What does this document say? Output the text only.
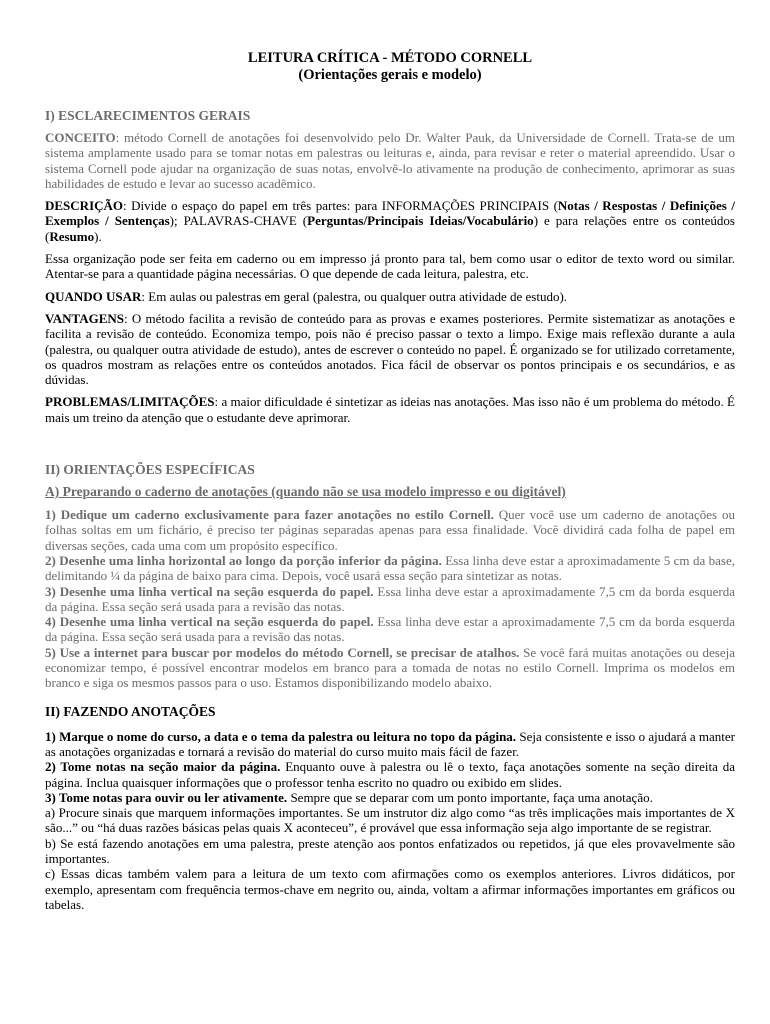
LEITURA CRÍTICA - MÉTODO CORNELL

(Orientações gerais e modelo)

I) ESCLARECIMENTOS GERAIS

CONCEITO: método Cornell de anotações foi desenvolvido pelo Dr. Walter Pauk, da Universidade de Cornell. Trata-se de um sistema amplamente usado para se tomar notas em palestras ou leituras e, ainda, para revisar e reter o material apreendido. Usar o sistema Cornell pode ajudar na organização de suas notas, envolvê-lo ativamente na produção de conhecimento, aprimorar as suas habilidades de estudo e levar ao sucesso acadêmico.

DESCRIÇÃO: Divide o espaço do papel em três partes: para INFORMAÇÕES PRINCIPAIS (Notas / Respostas / Definições / Exemplos / Sentenças); PALAVRAS-CHAVE (Perguntas/Principais Ideias/Vocabulário) e para relações entre os conteúdos (Resumo).

Essa organização pode ser feita em caderno ou em impresso já pronto para tal, bem como usar o editor de texto word ou similar. Atentar-se para a quantidade página necessárias. O que depende de cada leitura, palestra, etc.

QUANDO USAR: Em aulas ou palestras em geral (palestra, ou qualquer outra atividade de estudo).

VANTAGENS: O método facilita a revisão de conteúdo para as provas e exames posteriores. Permite sistematizar as anotações e facilita a revisão de conteúdo. Economiza tempo, pois não é preciso passar o texto a limpo. Exige mais reflexão durante a aula (palestra, ou qualquer outra atividade de estudo), antes de escrever o conteúdo no papel. É organizado se for utilizado corretamente, os quadros mostram as relações entre os conteúdos anotados. Fica fácil de observar os pontos principais e os secundários, e as dúvidas.

PROBLEMAS/LIMITAÇÕES: a maior dificuldade é sintetizar as ideias nas anotações. Mas isso não é um problema do método. É mais um treino da atenção que o estudante deve aprimorar.

II) ORIENTAÇÕES ESPECÍFICAS
A) Preparando o caderno de anotações (quando não se usa modelo impresso e ou digitável)

1) Dedique um caderno exclusivamente para fazer anotações no estilo Cornell. Quer você use um caderno de anotações ou folhas soltas em um fichário, é preciso ter páginas separadas apenas para essa finalidade. Você dividirá cada folha de papel em diversas seções, cada uma com um propósito específico.

2) Desenhe uma linha horizontal ao longo da porção inferior da página. Essa linha deve estar a aproximadamente 5 cm da base, delimitando ¼ da página de baixo para cima. Depois, você usará essa seção para sintetizar as notas.

3) Desenhe uma linha vertical na seção esquerda do papel. Essa linha deve estar a aproximadamente 7,5 cm da borda esquerda da página. Essa seção será usada para a revisão das notas.

4) Desenhe uma linha vertical na seção esquerda do papel. Essa linha deve estar a aproximadamente 7,5 cm da borda esquerda da página. Essa seção será usada para a revisão das notas.

5) Use a internet para buscar por modelos do método Cornell, se precisar de atalhos. Se você fará muitas anotações ou deseja economizar tempo, é possível encontrar modelos em branco para a tomada de notas no estilo Cornell. Imprima os modelos em branco e siga os mesmos passos para o uso. Estamos disponibilizando modelo abaixo.

II) FAZENDO ANOTAÇÕES

1) Marque o nome do curso, a data e o tema da palestra ou leitura no topo da página. Seja consistente e isso o ajudará a manter as anotações organizadas e tornará a revisão do material do curso muito mais fácil de fazer.

2) Tome notas na seção maior da página. Enquanto ouve à palestra ou lê o texto, faça anotações somente na seção direita da página. Inclua quaisquer informações que o professor tenha escrito no quadro ou exibido em slides.

3) Tome notas para ouvir ou ler ativamente. Sempre que se deparar com um ponto importante, faça uma anotação.

a) Procure sinais que marquem informações importantes. Se um instrutor diz algo como “as três implicações mais importantes de X são...” ou “há duas razões básicas pelas quais X aconteceu”, é provável que essa informação seja algo importante de se registrar.

b) Se está fazendo anotações em uma palestra, preste atenção aos pontos enfatizados ou repetidos, já que eles provavelmente são importantes.

c) Essas dicas também valem para a leitura de um texto com afirmações como os exemplos anteriores. Livros didáticos, por exemplo, apresentam com frequência termos-chave em negrito ou, ainda, voltam a afirmar informações importantes em gráficos ou tabelas.
